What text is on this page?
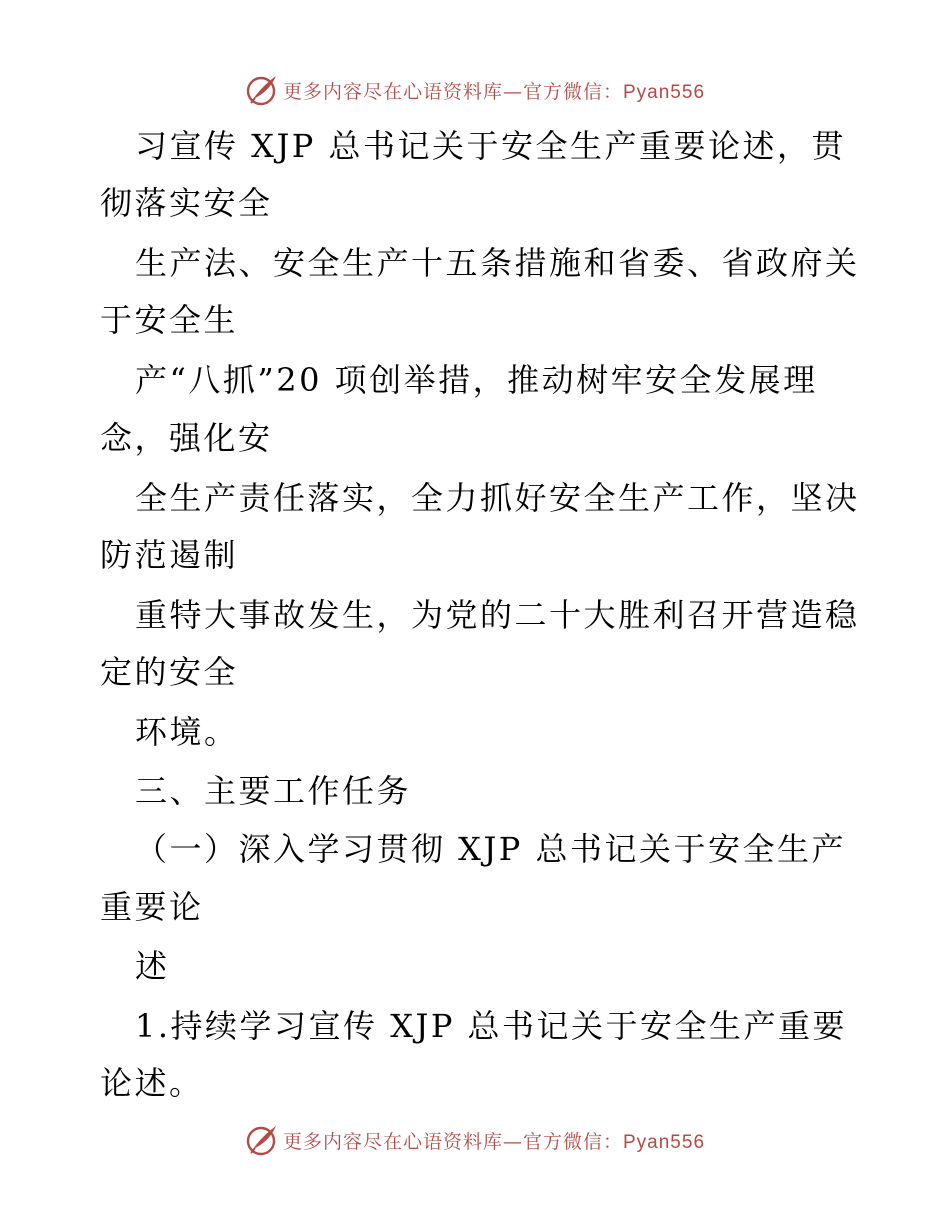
更多内容尽在心语资料库—官方微信：Pyan556
习宣传 XJP 总书记关于安全生产重要论述，贯
彻落实安全
生产法、安全生产十五条措施和省委、省政府关
于安全生
产“八抓”20 项创举措，推动树牢安全发展理
念，强化安
全生产责任落实，全力抓好安全生产工作，坚决
防范遏制
重特大事故发生，为党的二十大胜利召开营造稳
定的安全
环境。
三、主要工作任务
（一）深入学习贯彻 XJP 总书记关于安全生产
重要论
述
1.持续学习宣传 XJP 总书记关于安全生产重要
论述。
更多内容尽在心语资料库—官方微信：Pyan556
